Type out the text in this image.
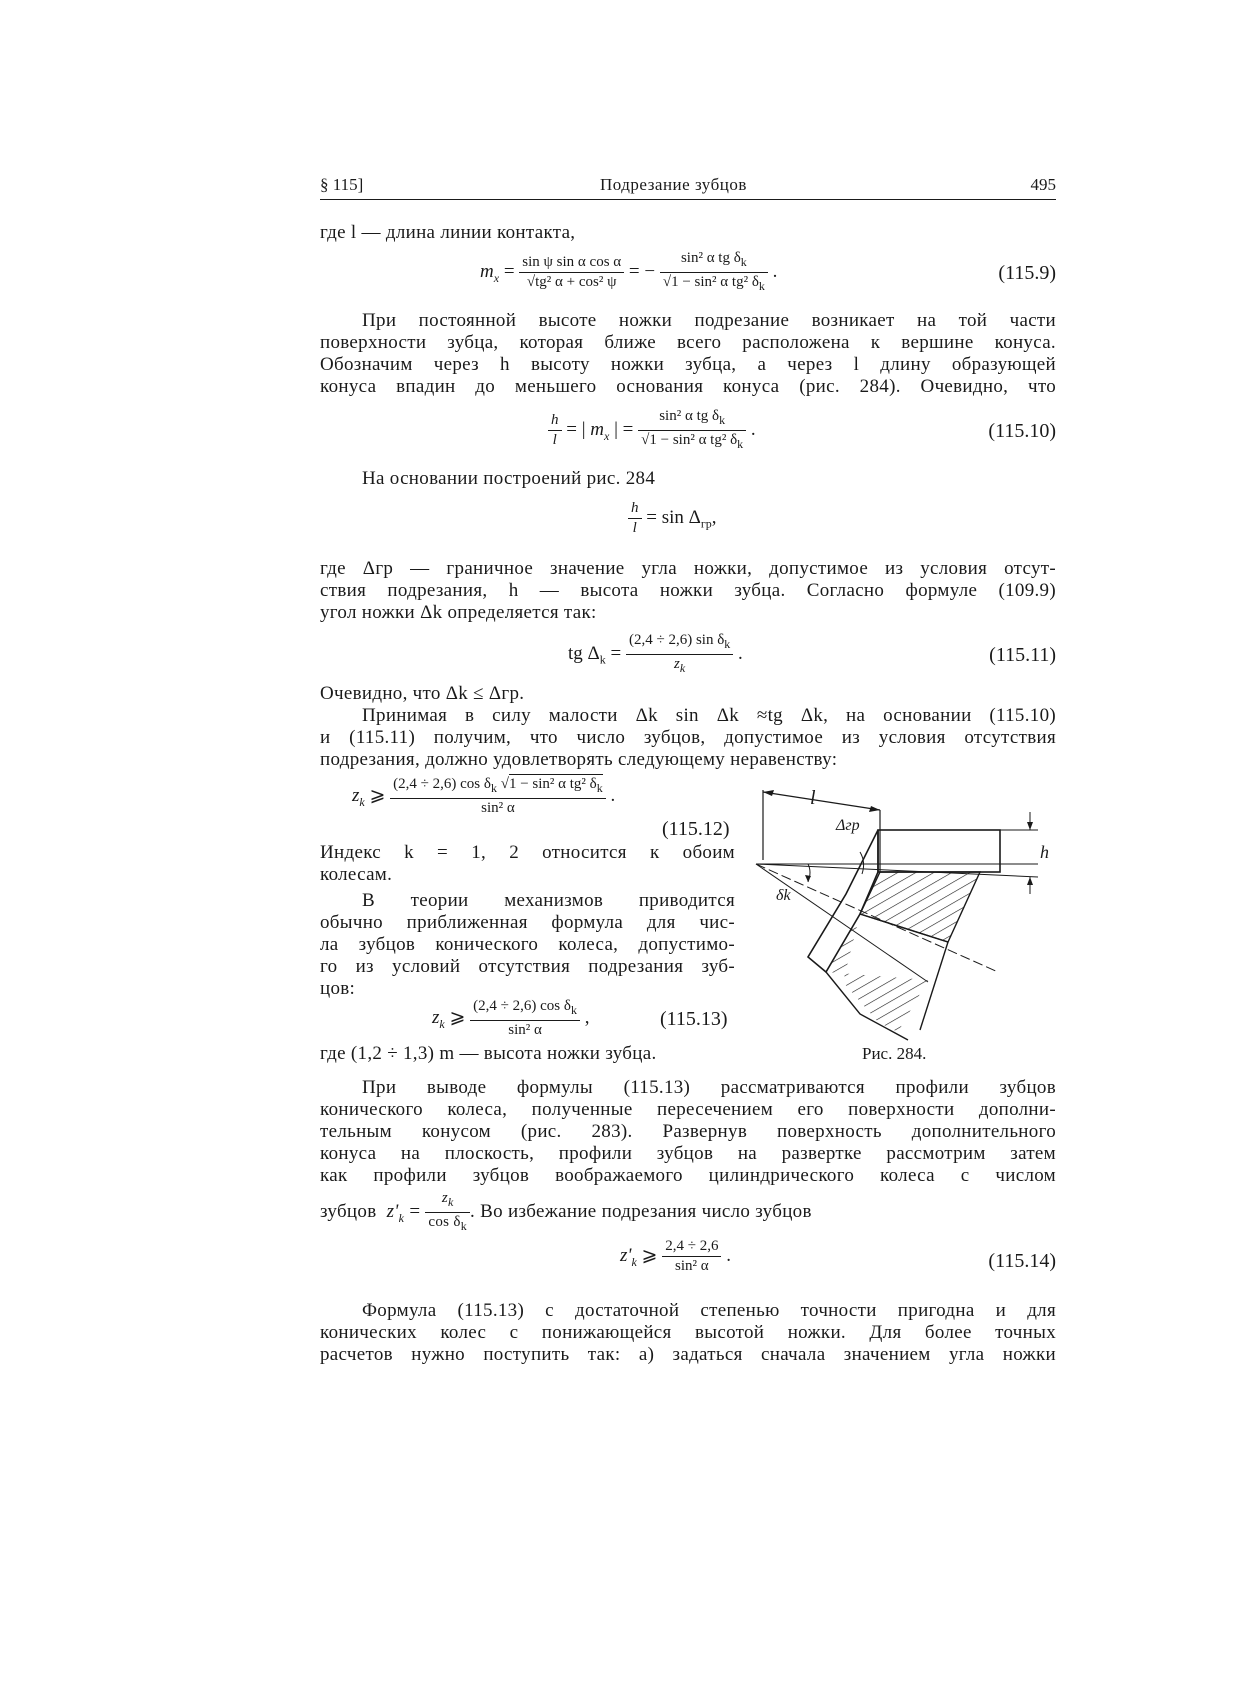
§ 115]	Подрезание зубцов	495
где l — длина линии контакта,
$m_x = \frac{\text{sin ψ sin α cos α}}{\text{√tg² α + cos² ψ}}$ = − $\frac{\sin^2 \alpha tg \delta_k}{√1 - \sin^2 \alpha tg^2 \delta_k}$ .	(115.9)
При постоянной высоте ножки подрезание возникает на той части
поверхности зубца, которая ближе всего расположена к вершине конуса.
Обозначим через h высоту ножки зубца, а через l длину образующей
конуса впадин до меньшего основания конуса (рис. 284). Очевидно, что
$\frac{h}{l}$ = | $m_x$ | = $\frac{\sin^2 \alpha tg \delta_k}{√1 - \sin^2 \alpha tg^2 \delta_k}$ .	(115.10)
На основании построений рис. 284
$\frac{h}{l} = \sin \Delta_{гр}$,
где Δгр — граничное значение угла ножки, допустимое из условия отсут-
ствия подрезания, h — высота ножки зубца. Согласно формуле (109.9)
угол ножки Δk определяется так:
tg $\Delta_k = \frac{(2,4 \div 2,6) \sin \delta_k}{z_k}$ .	(115.11)
Очевидно, что Δk ≤ Δгр.
Принимая в силу малости Δk sin Δk ≈tg Δk, на основании (115.10)
и (115.11) получим, что число зубцов, допустимое из условия отсутствия
подрезания, должно удовлетворять следующему неравенству:
$z_k$ ⩾ $\frac{(2,4 \div 2,6) \cos \delta_k √1 - \sin^2 \alpha tg^2 \delta_k}{\text{sin² α}}$ .
(115.12)
Индекс k = 1, 2 относится к обоим
колесам.
В теории механизмов приводится
обычно приближенная формула для чис-
ла зубцов конического колеса, допустимо-
го из условий отсутствия подрезания зуб-
цов:
$z_k$ ⩾ $\frac{(2,4 \div 2,6) \cos \delta_k}{\text{sin² α}}$ ,	(115.13)
где (1,2 ÷ 1,3) m — высота ножки зубца.
l
Δгр
δk
h
Рис. 284.
При выводе формулы (115.13) рассматриваются профили зубцов
конического колеса, полученные пересечением его поверхности дополни-
тельным конусом (рис. 283). Развернув поверхность дополнительного
конуса на плоскость, профили зубцов на развертке рассмотрим затем
как профили зубцов воображаемого цилиндрического колеса с числом
зубцов $z'_k = \frac{z_k}{\cos \delta_k}$ . Во избежание подрезания число зубцов
$z'_k$ ⩾ $\frac{2,4 \div 2,6}{\text{sin² α}}$ .	(115.14)
Формула (115.13) с достаточной степенью точности пригодна и для
конических колес с понижающейся высотой ножки. Для более точных
расчетов нужно поступить так: а) задаться сначала значением угла ножки
